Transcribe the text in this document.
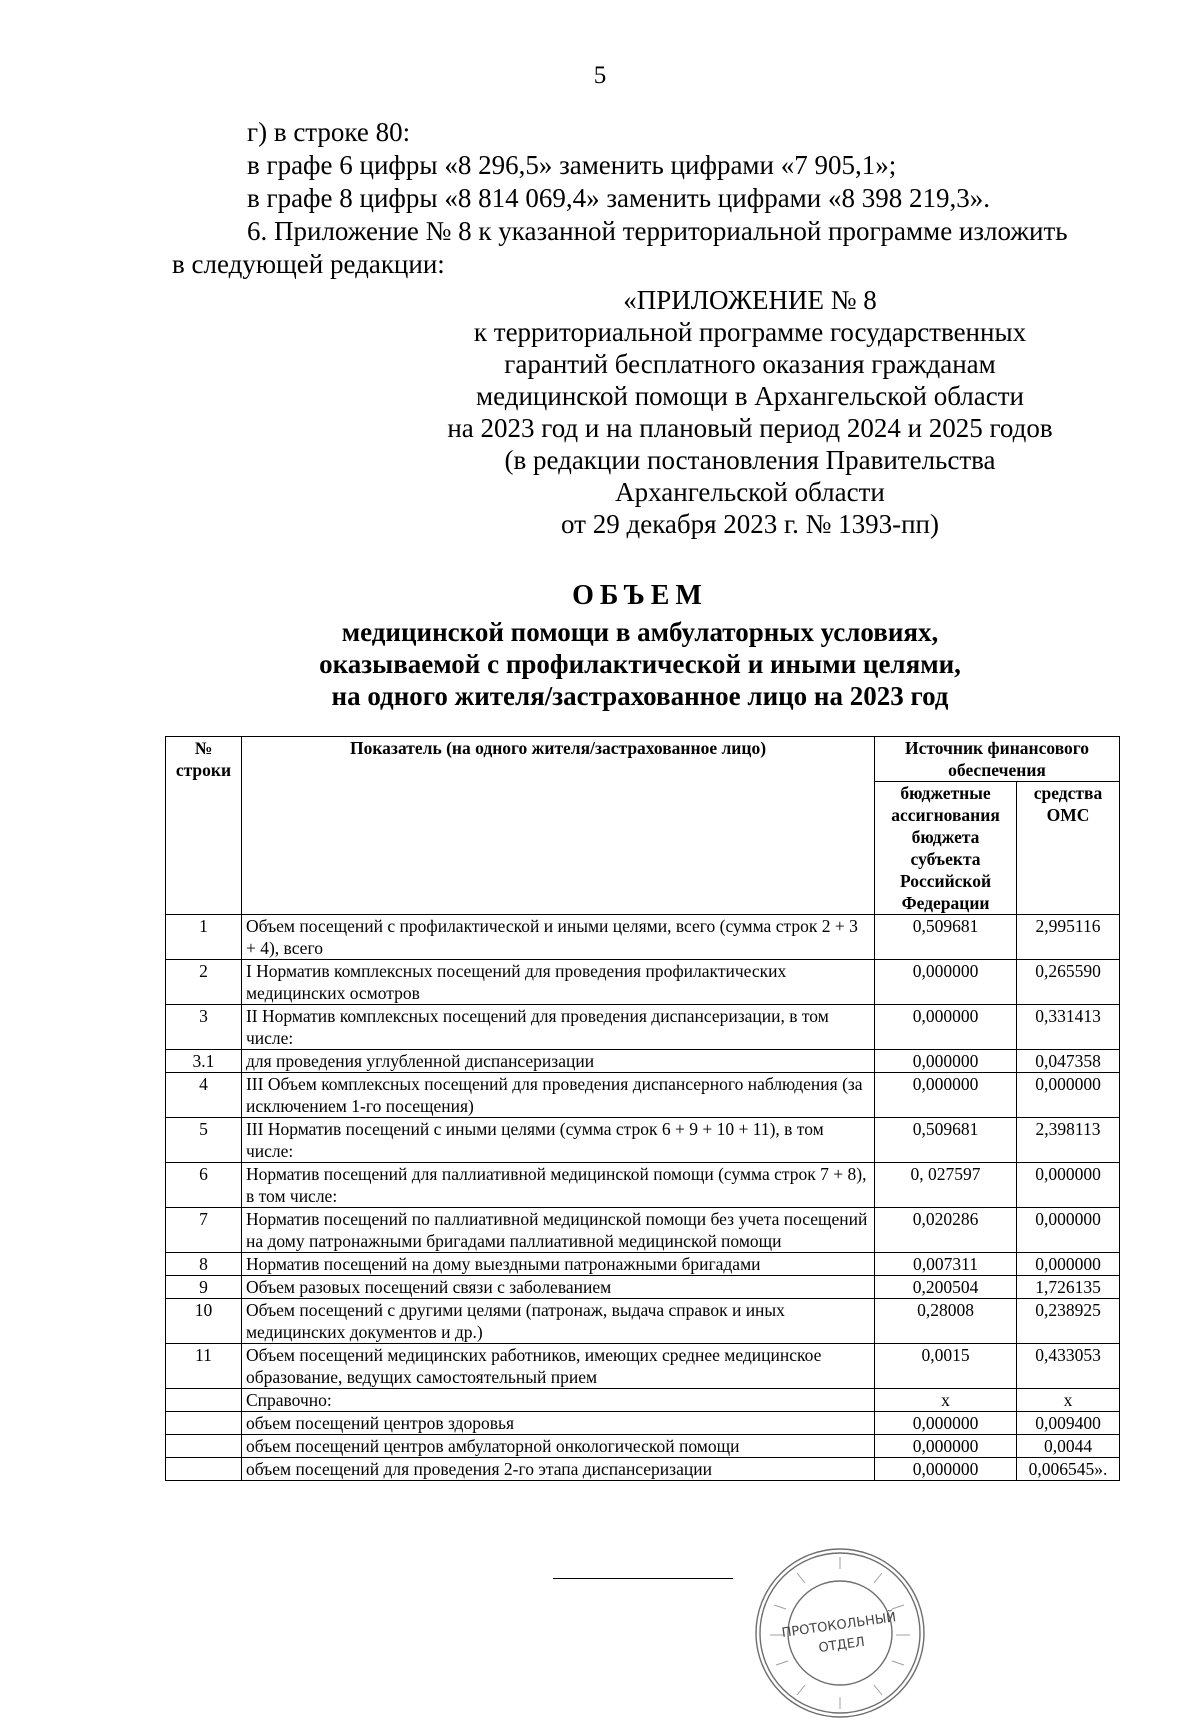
5
г) в строке 80:
в графе 6 цифры «8 296,5» заменить цифрами «7 905,1»;
в графе 8 цифры «8 814 069,4» заменить цифрами «8 398 219,3».
6. Приложение № 8 к указанной территориальной программе изложить
в следующей редакции:
«ПРИЛОЖЕНИЕ № 8
к территориальной программе государственных
гарантий бесплатного оказания гражданам
медицинской помощи в Архангельской области
на 2023 год и на плановый период 2024 и 2025 годов
(в редакции постановления Правительства
Архангельской области
от 29 декабря 2023 г. № 1393-пп)
ОБЪЕМ
медицинской помощи в амбулаторных условиях,
оказываемой с профилактической и иными целями,
на одного жителя/застрахованное лицо на 2023 год
№ строки	Показатель (на одного жителя/застрахованное лицо)	Источник финансового обеспечения	
		бюджетные ассигнования бюджета субъекта Российской Федерации	средства ОМС
1	Объем посещений с профилактической и иными целями, всего (сумма строк 2 + 3 + 4), всего	0,509681	2,995116
2	I Норматив комплексных посещений для проведения профилактических медицинских осмотров	0,000000	0,265590
3	II Норматив комплексных посещений для проведения диспансеризации, в том числе:	0,000000	0,331413
3.1	для проведения углубленной диспансеризации	0,000000	0,047358
4	III Объем комплексных посещений для проведения диспансерного наблюдения (за исключением 1-го посещения)	0,000000	0,000000
5	III Норматив посещений с иными целями (сумма строк 6 + 9 + 10 + 11), в том числе:	0,509681	2,398113
6	Норматив посещений для паллиативной медицинской помощи (сумма строк 7 + 8), в том числе:	0, 027597	0,000000
7	Норматив посещений по паллиативной медицинской помощи без учета посещений на дому патронажными бригадами паллиативной медицинской помощи	0,020286	0,000000
8	Норматив посещений на дому выездными патронажными бригадами	0,007311	0,000000
9	Объем разовых посещений связи с заболеванием	0,200504	1,726135
10	Объем посещений с другими целями (патронаж, выдача справок и иных медицинских документов и др.)	0,28008	0,238925
11	Объем посещений медицинских работников, имеющих среднее медицинское образование, ведущих самостоятельный прием	0,0015	0,433053
	Справочно:	х	х
	объем посещений центров здоровья	0,000000	0,009400
	объем посещений центров амбулаторной онкологической помощи	0,000000	0,0044
	объем посещений для проведения 2-го этапа диспансеризации	0,000000	0,006545».
ПРОТОКОЛЬНЫЙ
ОТДЕЛ
